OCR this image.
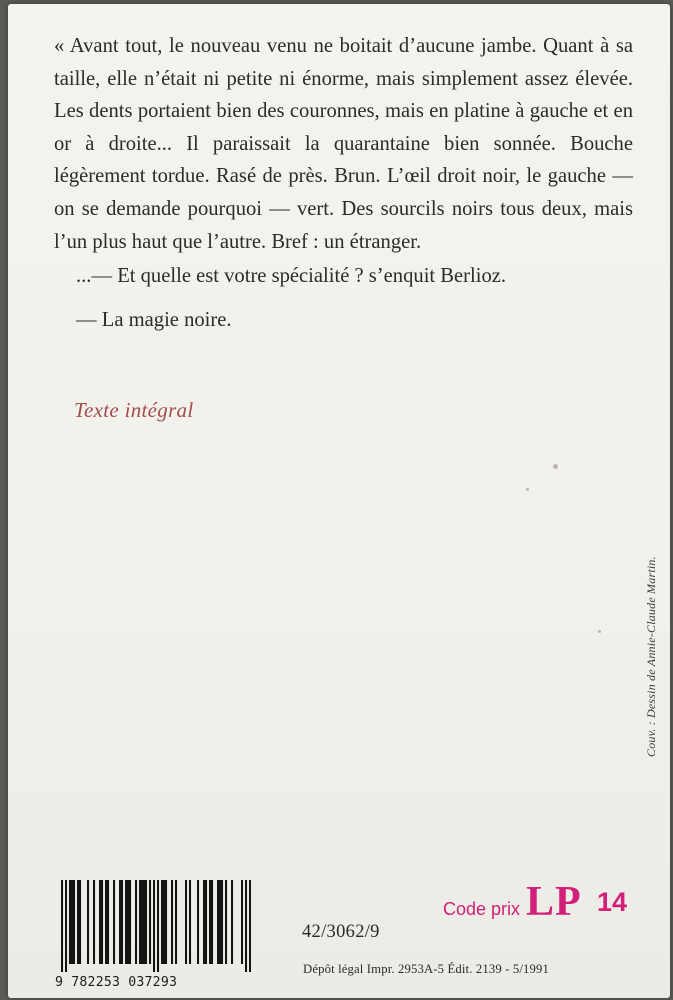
« Avant tout, le nouveau venu ne boitait d’aucune jambe. Quant à sa taille, elle n’était ni petite ni énorme, mais simplement assez élevée. Les dents portaient bien des couronnes, mais en platine à gauche et en or à droite... Il paraissait la quarantaine bien sonnée. Bouche légèrement tordue. Rasé de près. Brun. L’œil droit noir, le gauche — on se demande pourquoi — vert. Des sourcils noirs tous deux, mais l’un plus haut que l’autre. Bref : un étranger.

...— Et quelle est votre spécialité ? s’enquit Berlioz.

— La magie noire.

Texte intégral
Couv. : Dessin de Annie-Claude Martin.
9 782253 037293
Code prix LP 14
42/3062/9
Dépôt légal Impr. 2953A-5 Édit. 2139 - 5/1991
